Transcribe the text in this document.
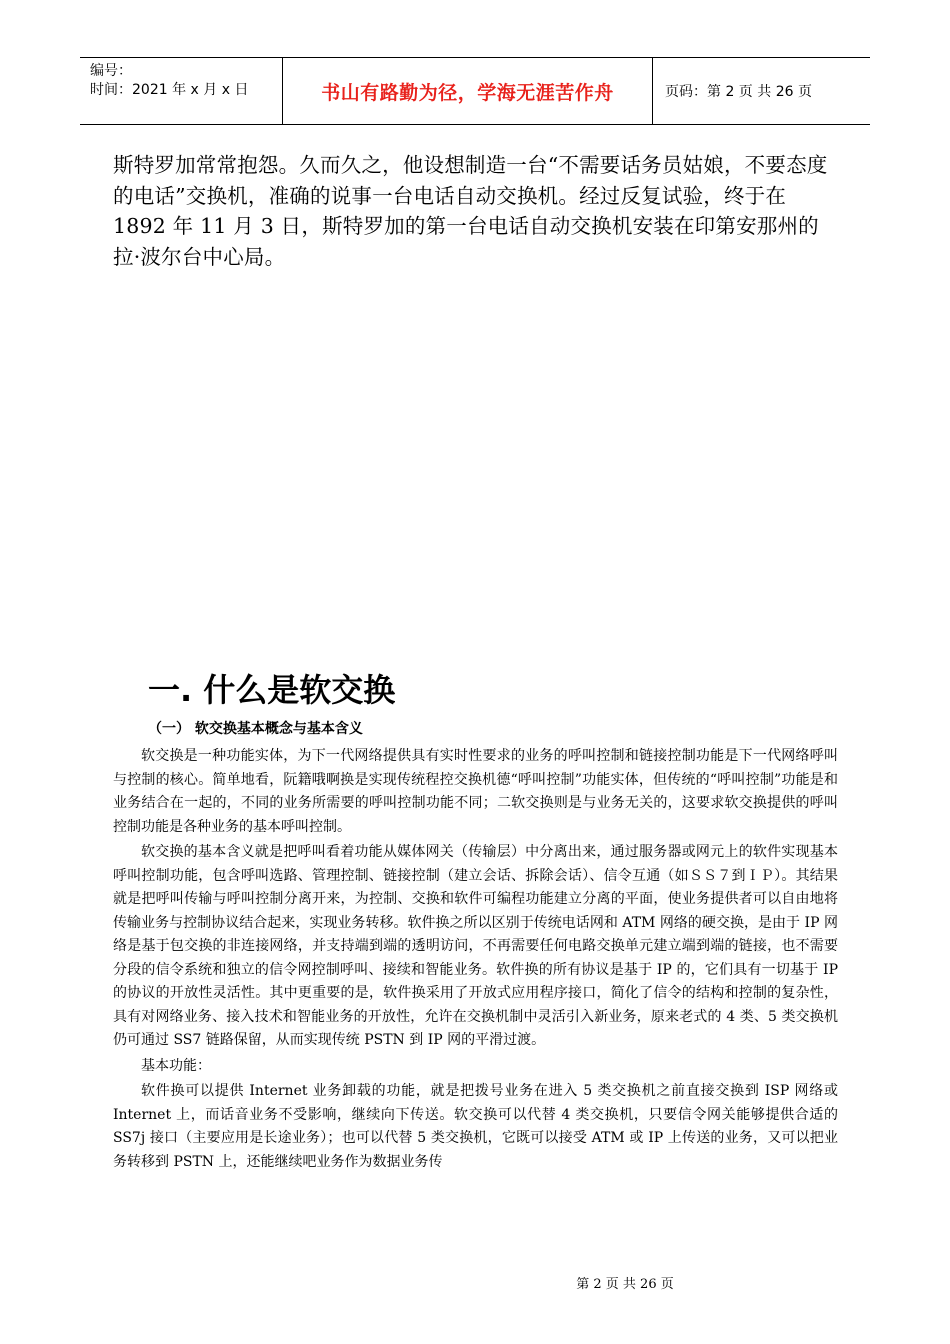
编号：
时间：2021 年 x 月 x 日	书山有路勤为径，学海无涯苦作舟	页码：第 2 页 共 26 页

斯特罗加常常抱怨。久而久之，他设想制造一台“不需要话务员姑娘，不要态度的电话”交换机，准确的说事一台电话自动交换机。经过反复试验，终于在 1892 年 11 月 3 日，斯特罗加的第一台电话自动交换机安装在印第安那州的拉·波尔台中心局。

一. 什么是软交换
（一） 软交换基本概念与基本含义

软交换是一种功能实体，为下一代网络提供具有实时性要求的业务的呼叫控制和链接控制功能是下一代网络呼叫与控制的核心。简单地看，阮籍哦啊换是实现传统程控交换机德“呼叫控制”功能实体，但传统的“呼叫控制”功能是和业务结合在一起的，不同的业务所需要的呼叫控制功能不同；二软交换则是与业务无关的，这要求软交换提供的呼叫控制功能是各种业务的基本呼叫控制。

软交换的基本含义就是把呼叫看着功能从媒体网关（传输层）中分离出来，通过服务器或网元上的软件实现基本呼叫控制功能，包含呼叫选路、管理控制、链接控制（建立会话、拆除会话）、信令互通（如ＳＳ７到ＩＰ）。其结果就是把呼叫传输与呼叫控制分离开来，为控制、交换和软件可编程功能建立分离的平面，使业务提供者可以自由地将传输业务与控制协议结合起来，实现业务转移。软件换之所以区别于传统电话网和 ATM 网络的硬交换，是由于 IP 网络是基于包交换的非连接网络，并支持端到端的透明访问，不再需要任何电路交换单元建立端到端的链接，也不需要分段的信令系统和独立的信令网控制呼叫、接续和智能业务。软件换的所有协议是基于 IP 的，它们具有一切基于 IP 的协议的开放性灵活性。其中更重要的是，软件换采用了开放式应用程序接口，简化了信令的结构和控制的复杂性，具有对网络业务、接入技术和智能业务的开放性，允许在交换机制中灵活引入新业务，原来老式的 4 类、5 类交换机仍可通过 SS7 链路保留，从而实现传统 PSTN 到 IP 网的平滑过渡。

基本功能：

软件换可以提供 Internet 业务卸载的功能，就是把拨号业务在进入 5 类交换机之前直接交换到 ISP 网络或 Internet 上，而话音业务不受影响，继续向下传送。软交换可以代替 4 类交换机，只要信令网关能够提供合适的 SS7j 接口（主要应用是长途业务）；也可以代替 5 类交换机，它既可以接受 ATM 或 IP 上传送的业务，又可以把业务转移到 PSTN 上，还能继续吧业务作为数据业务传

第 2 页 共 26 页
